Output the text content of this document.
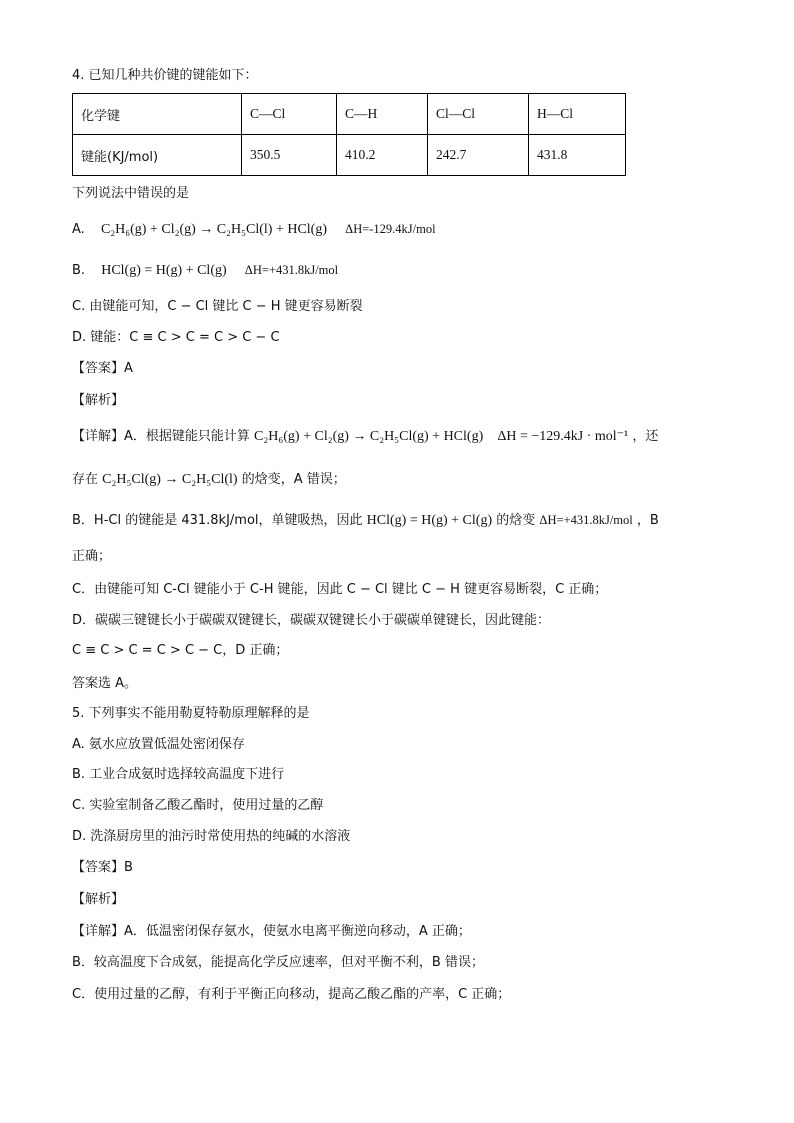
4. 已知几种共价键的键能如下：
化学键	C—Cl	C—H	Cl—Cl	H—Cl
键能(KJ/mol)	350.5	410.2	242.7	431.8
下列说法中错误的是
A. C₂H₆(g) + Cl₂(g) → C₂H₅Cl(l) + HCl(g) ΔH=-129.4kJ/mol
B. HCl(g) = H(g) + Cl(g) ΔH=+431.8kJ/mol
C. 由键能可知，C − Cl 键比 C − H 键更容易断裂
D. 键能：C ≡ C > C = C > C − C
【答案】A
【解析】
【详解】A．根据键能只能计算 C₂H₆(g) + Cl₂(g) → C₂H₅Cl(g) + HCl(g) ΔH = −129.4kJ · mol⁻¹ ，还
存在 C₂H₅Cl(g) → C₂H₅Cl(l) 的焓变，A 错误；
B．H-Cl 的键能是 431.8kJ/mol，单键吸热，因此 HCl(g) = H(g) + Cl(g) 的焓变 ΔH=+431.8kJ/mol ，B
正确；
C．由键能可知 C-Cl 键能小于 C-H 键能，因此 C − Cl 键比 C − H 键更容易断裂，C 正确；
D．碳碳三键键长小于碳碳双键键长，碳碳双键键长小于碳碳单键键长，因此键能：
C ≡ C > C = C > C − C，D 正确；
答案选 A。
5. 下列事实不能用勒夏特勒原理解释的是
A. 氨水应放置低温处密闭保存
B. 工业合成氨时选择较高温度下进行
C. 实验室制备乙酸乙酯时，使用过量的乙醇
D. 洗涤厨房里的油污时常使用热的纯碱的水溶液
【答案】B
【解析】
【详解】A．低温密闭保存氨水，使氨水电离平衡逆向移动，A 正确；
B．较高温度下合成氨，能提高化学反应速率，但对平衡不利，B 错误；
C．使用过量的乙醇，有利于平衡正向移动，提高乙酸乙酯的产率，C 正确；
